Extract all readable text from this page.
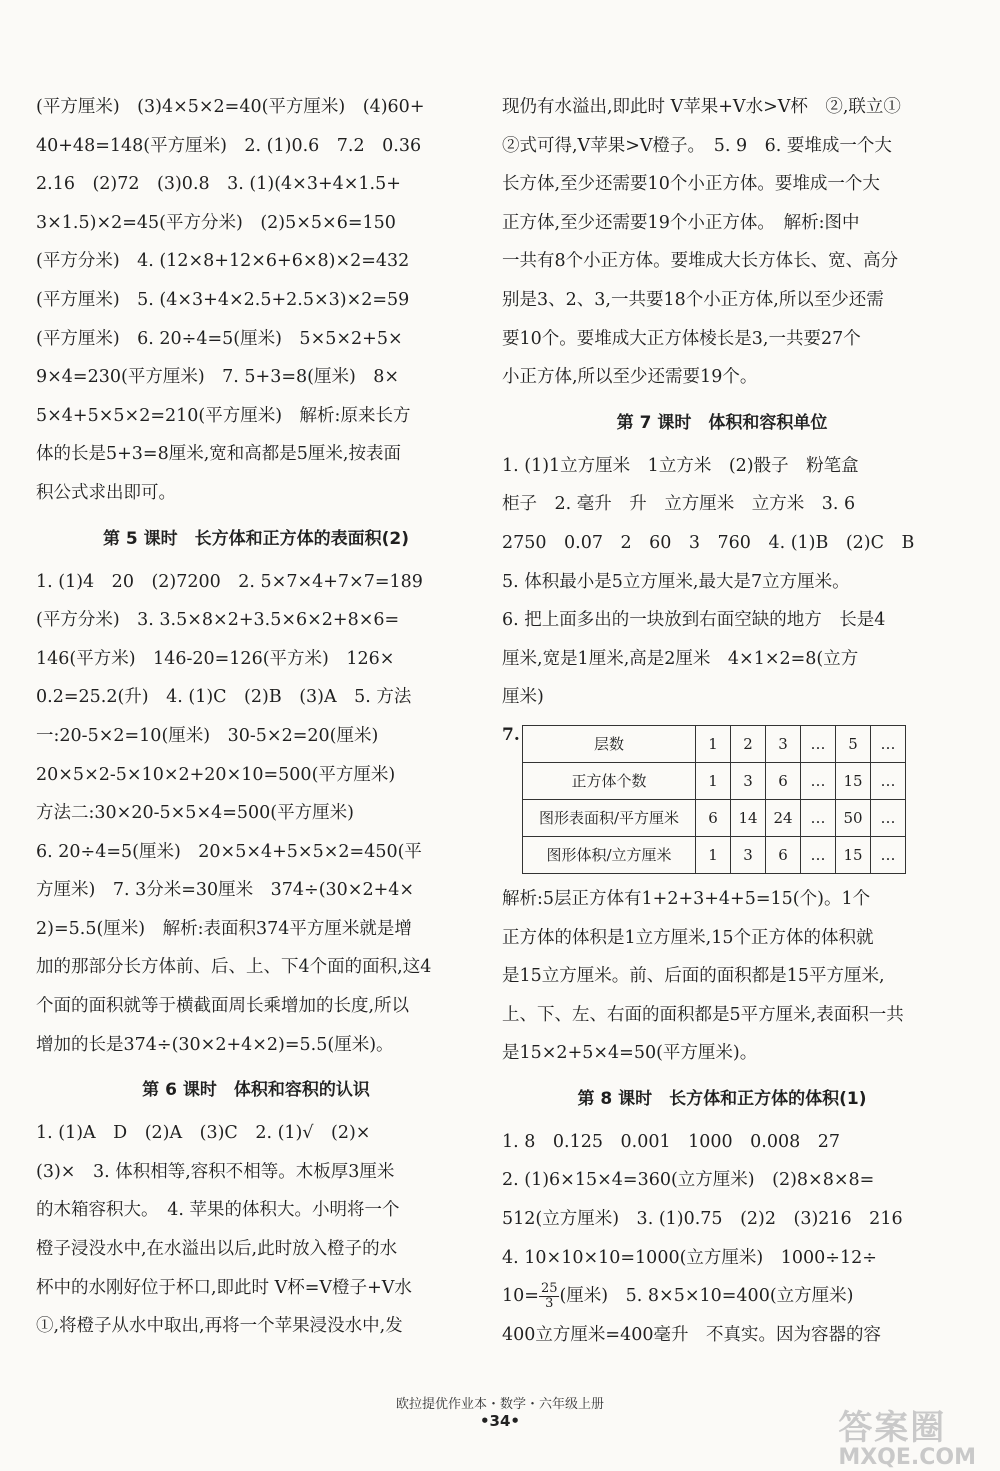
(平方厘米)　(3)4×5×2=40(平方厘米)　(4)60+

40+48=148(平方厘米)　2. (1)0.6　7.2　0.36

2.16　(2)72　(3)0.8　3. (1)(4×3+4×1.5+

3×1.5)×2=45(平方分米)　(2)5×5×6=150

(平方分米)　4. (12×8+12×6+6×8)×2=432

(平方厘米)　5. (4×3+4×2.5+2.5×3)×2=59

(平方厘米)　6. 20÷4=5(厘米)　5×5×2+5×

9×4=230(平方厘米)　7. 5+3=8(厘米)　8×

5×4+5×5×2=210(平方厘米)　解析:原来长方

体的长是5+3=8厘米,宽和高都是5厘米,按表面

积公式求出即可。

第 5 课时　长方体和正方体的表面积(2)

1. (1)4　20　(2)7200　2. 5×7×4+7×7=189

(平方分米)　3. 3.5×8×2+3.5×6×2+8×6=

146(平方米)　146-20=126(平方米)　126×

0.2=25.2(升)　4. (1)C　(2)B　(3)A　5. 方法

一:20-5×2=10(厘米)　30-5×2=20(厘米)

20×5×2-5×10×2+20×10=500(平方厘米)

方法二:30×20-5×5×4=500(平方厘米)

6. 20÷4=5(厘米)　20×5×4+5×5×2=450(平

方厘米)　7. 3分米=30厘米　374÷(30×2+4×

2)=5.5(厘米)　解析:表面积374平方厘米就是增

加的那部分长方体前、后、上、下4个面的面积,这4

个面的面积就等于横截面周长乘增加的长度,所以

增加的长是374÷(30×2+4×2)=5.5(厘米)。

第 6 课时　体积和容积的认识

1. (1)A　D　(2)A　(3)C　2. (1)√　(2)×

(3)×　3. 体积相等,容积不相等。木板厚3厘米

的木箱容积大。　4. 苹果的体积大。小明将一个

橙子浸没水中,在水溢出以后,此时放入橙子的水

杯中的水刚好位于杯口,即此时 V杯=V橙子+V水

①,将橙子从水中取出,再将一个苹果浸没水中,发

现仍有水溢出,即此时 V苹果+V水>V杯　②,联立①

②式可得,V苹果>V橙子。　5. 9　6. 要堆成一个大

长方体,至少还需要10个小正方体。要堆成一个大

正方体,至少还需要19个小正方体。　解析:图中

一共有8个小正方体。要堆成大长方体长、宽、高分

别是3、2、3,一共要18个小正方体,所以至少还需

要10个。要堆成大正方体棱长是3,一共要27个

小正方体,所以至少还需要19个。

第 7 课时　体积和容积单位

1. (1)1立方厘米　1立方米　(2)骰子　粉笔盒

柜子　2. 毫升　升　立方厘米　立方米　3. 6

2750　0.07　2　60　3　760　4. (1)B　(2)C　B

5. 体积最小是5立方厘米,最大是7立方厘米。

6. 把上面多出的一块放到右面空缺的地方　长是4

厘米,宽是1厘米,高是2厘米　4×1×2=8(立方

厘米)

7.	层数	1	2	3	…	5	…
正方体个数	1	3	6	…	15	…
图形表面积/平方厘米	6	14	24	…	50	…
图形体积/立方厘米	1	3	6	…	15	…

解析:5层正方体有1+2+3+4+5=15(个)。1个

正方体的体积是1立方厘米,15个正方体的体积就

是15立方厘米。前、后面的面积都是15平方厘米,

上、下、左、右面的面积都是5平方厘米,表面积一共

是15×2+5×4=50(平方厘米)。

第 8 课时　长方体和正方体的体积(1)

1. 8　0.125　0.001　1000　0.008　27

2. (1)6×15×4=360(立方厘米)　(2)8×8×8=

512(立方厘米)　3. (1)0.75　(2)2　(3)216　216

4. 10×10×10=1000(立方厘米)　1000÷12÷

$10= \frac{25}{3}$ (厘米)　5. 8×5×10=400(立方厘米)

400立方厘米=400毫升　不真实。因为容器的容

欧拉提优作业本・数学・六年级上册
•34•	答案圈
MXQE.COM
